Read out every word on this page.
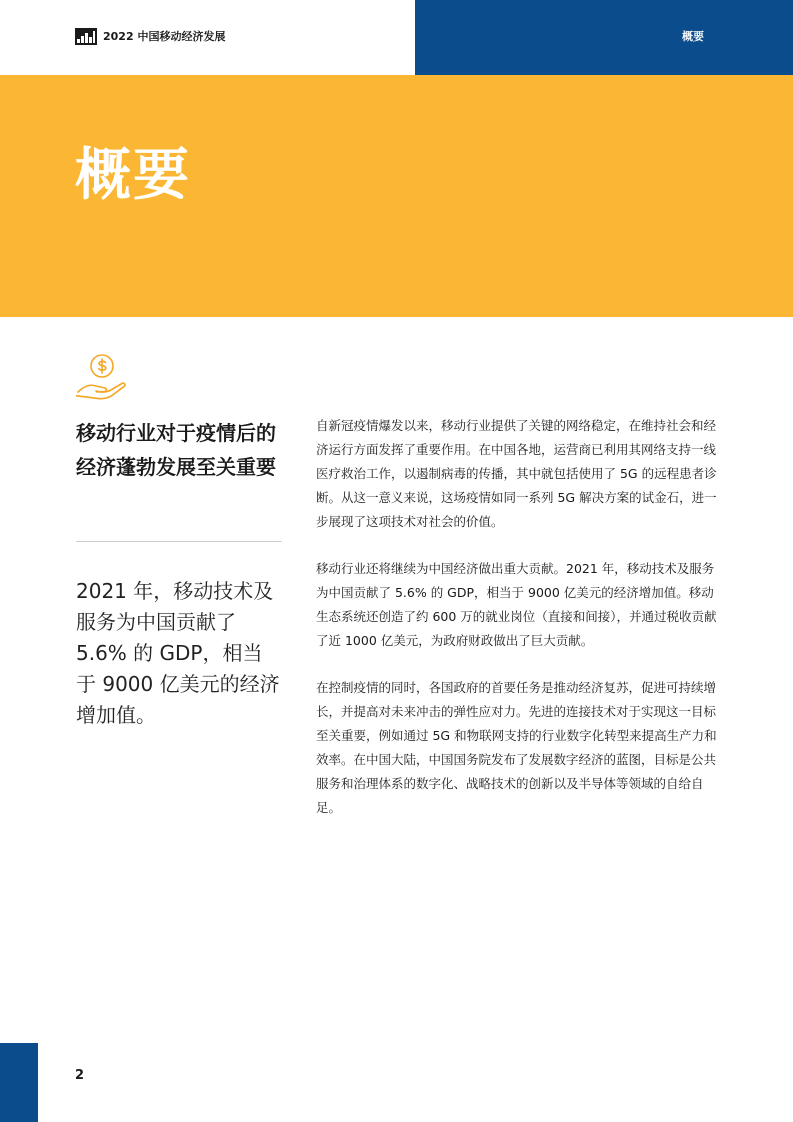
2022 中国移动经济发展	概要
概要
移动行业对于疫情后的经济蓬勃发展至关重要

2021 年，移动技术及服务为中国贡献了 5.6% 的 GDP，相当于 9000 亿美元的经济增加值。

自新冠疫情爆发以来，移动行业提供了关键的网络稳定，在维持社会和经济运行方面发挥了重要作用。在中国各地，运营商已利用其网络支持一线医疗救治工作，以遏制病毒的传播，其中就包括使用了 5G 的远程患者诊断。从这一意义来说，这场疫情如同一系列 5G 解决方案的试金石，进一步展现了这项技术对社会的价值。

移动行业还将继续为中国经济做出重大贡献。2021 年，移动技术及服务为中国贡献了 5.6% 的 GDP，相当于 9000 亿美元的经济增加值。移动生态系统还创造了约 600 万的就业岗位（直接和间接），并通过税收贡献了近 1000 亿美元，为政府财政做出了巨大贡献。

在控制疫情的同时，各国政府的首要任务是推动经济复苏，促进可持续增长，并提高对未来冲击的弹性应对力。先进的连接技术对于实现这一目标至关重要，例如通过 5G 和物联网支持的行业数字化转型来提高生产力和效率。在中国大陆，中国国务院发布了发展数字经济的蓝图，目标是公共服务和治理体系的数字化、战略技术的创新以及半导体等领域的自给自足。

2
